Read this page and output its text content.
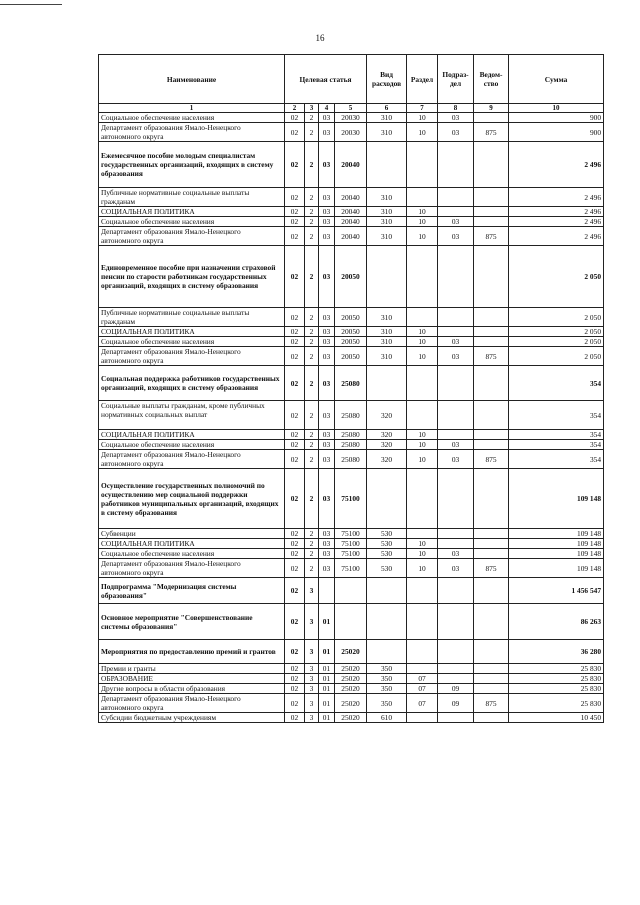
16
Наименование	Целевая статья				Вид расходов	Раздел	Подраз-дел	Ведом-ство	Сумма
1	2	3	4	5	6	7	8	9	10
Социальное обеспечение населения	02	2	03	20030	310	10	03		900
Департамент образования Ямало-Ненецкого автономного округа	02	2	03	20030	310	10	03	875	900
Ежемесячное пособие молодым специалистам государственных организаций, входящих в систему образования	02	2	03	20040					2 496
Публичные нормативные социальные выплаты гражданам	02	2	03	20040	310				2 496
СОЦИАЛЬНАЯ ПОЛИТИКА	02	2	03	20040	310	10			2 496
Социальное обеспечение населения	02	2	03	20040	310	10	03		2 496
Департамент образования Ямало-Ненецкого автономного округа	02	2	03	20040	310	10	03	875	2 496
Единовременное пособие при назначении страховой пенсии по старости работникам государственных организаций, входящих в систему образования	02	2	03	20050					2 050
Публичные нормативные социальные выплаты гражданам	02	2	03	20050	310				2 050
СОЦИАЛЬНАЯ ПОЛИТИКА	02	2	03	20050	310	10			2 050
Социальное обеспечение населения	02	2	03	20050	310	10	03		2 050
Департамент образования Ямало-Ненецкого автономного округа	02	2	03	20050	310	10	03	875	2 050
Социальная поддержка работников государственных организаций, входящих в систему образования	02	2	03	25080					354
Социальные выплаты гражданам, кроме публичных нормативных социальных выплат	02	2	03	25080	320				354
СОЦИАЛЬНАЯ ПОЛИТИКА	02	2	03	25080	320	10			354
Социальное обеспечение населения	02	2	03	25080	320	10	03		354
Департамент образования Ямало-Ненецкого автономного округа	02	2	03	25080	320	10	03	875	354
Осуществление государственных полномочий по осуществлению мер социальной поддержки работников муниципальных организаций, входящих в систему образования	02	2	03	75100					109 148
Субвенции	02	2	03	75100	530				109 148
СОЦИАЛЬНАЯ ПОЛИТИКА	02	2	03	75100	530	10			109 148
Социальное обеспечение населения	02	2	03	75100	530	10	03		109 148
Департамент образования Ямало-Ненецкого автономного округа	02	2	03	75100	530	10	03	875	109 148
Подпрограмма "Модернизация системы образования"	02	3							1 456 547
Основное мероприятие "Совершенствование системы образования"	02	3	01						86 263
Мероприятия по предоставлению премий и грантов	02	3	01	25020					36 280
Премии и гранты	02	3	01	25020	350				25 830
ОБРАЗОВАНИЕ	02	3	01	25020	350	07			25 830
Другие вопросы в области образования	02	3	01	25020	350	07	09		25 830
Департамент образования Ямало-Ненецкого автономного округа	02	3	01	25020	350	07	09	875	25 830
Субсидии бюджетным учреждениям	02	3	01	25020	610				10 450
